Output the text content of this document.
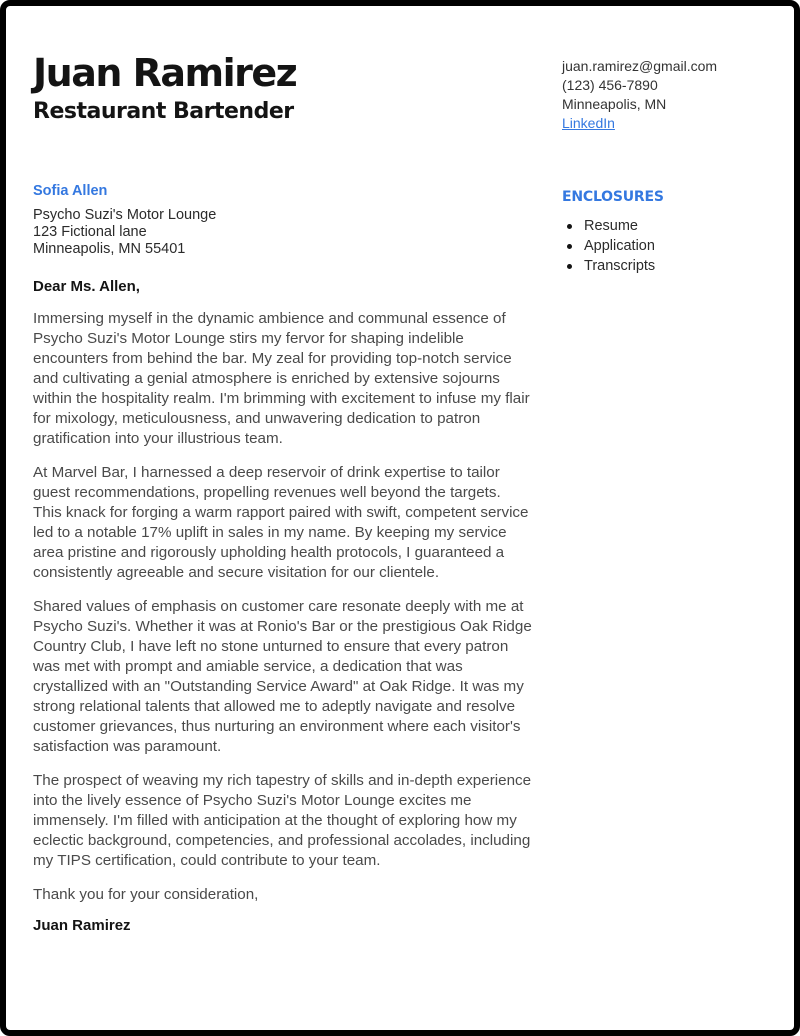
Juan Ramirez
Restaurant Bartender
juan.ramirez@gmail.com
(123) 456-7890
Minneapolis, MN
LinkedIn
Sofia Allen
Psycho Suzi's Motor Lounge
123 Fictional lane
Minneapolis, MN 55401
Dear Ms. Allen,

Immersing myself in the dynamic ambience and communal essence of Psycho Suzi's Motor Lounge stirs my fervor for shaping indelible encounters from behind the bar. My zeal for providing top-notch service and cultivating a genial atmosphere is enriched by extensive sojourns within the hospitality realm. I'm brimming with excitement to infuse my flair for mixology, meticulousness, and unwavering dedication to patron gratification into your illustrious team.

At Marvel Bar, I harnessed a deep reservoir of drink expertise to tailor guest recommendations, propelling revenues well beyond the targets. This knack for forging a warm rapport paired with swift, competent service led to a notable 17% uplift in sales in my name. By keeping my service area pristine and rigorously upholding health protocols, I guaranteed a consistently agreeable and secure visitation for our clientele.

Shared values of emphasis on customer care resonate deeply with me at Psycho Suzi's. Whether it was at Ronio's Bar or the prestigious Oak Ridge Country Club, I have left no stone unturned to ensure that every patron was met with prompt and amiable service, a dedication that was crystallized with an "Outstanding Service Award" at Oak Ridge. It was my strong relational talents that allowed me to adeptly navigate and resolve customer grievances, thus nurturing an environment where each visitor's satisfaction was paramount.

The prospect of weaving my rich tapestry of skills and in-depth experience into the lively essence of Psycho Suzi's Motor Lounge excites me immensely. I'm filled with anticipation at the thought of exploring how my eclectic background, competencies, and professional accolades, including my TIPS certification, could contribute to your team.

Thank you for your consideration,
Juan Ramirez
ENCLOSURES
Resume
Application
Transcripts
